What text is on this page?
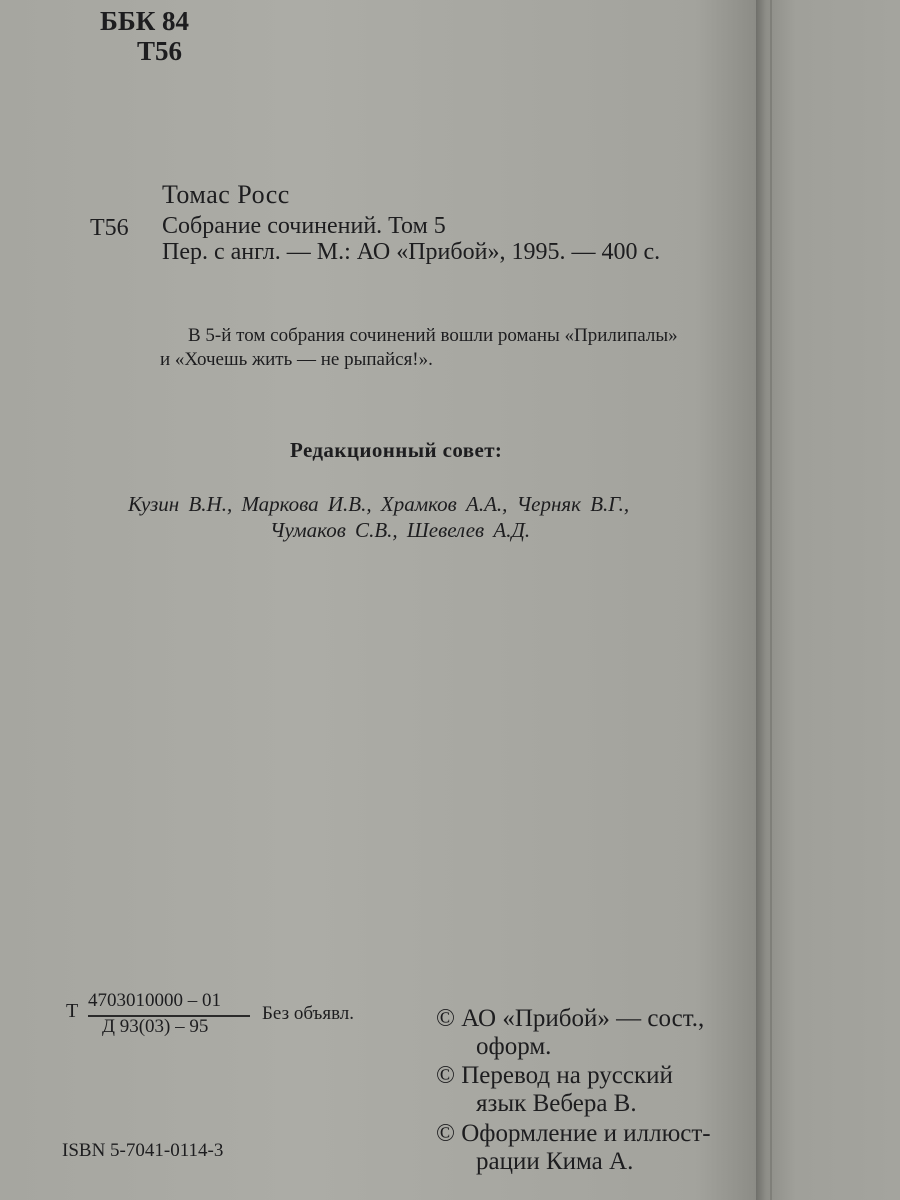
ББК 84
Т56
Томас Росс
Т56 Собрание сочинений. Том 5
Пер. с англ. — М.: АО «Прибой», 1995. — 400 с.
В 5-й том собрания сочинений вошли романы «Прилипалы»
и «Хочешь жить — не рыпайся!».
Редакционный совет:
Кузин В.Н., Маркова И.В., Храмков А.А., Черняк В.Г.,
Чумаков С.В., Шевелев А.Д.
Т 4703010000 – 01
Д 93(03) – 95
Без объявл.	© АО «Прибой» — сост.,
оформ.
© Перевод на русский
язык Вебера В.
© Оформление и иллюст-
рации Кима А.
ISBN 5-7041-0114-3
